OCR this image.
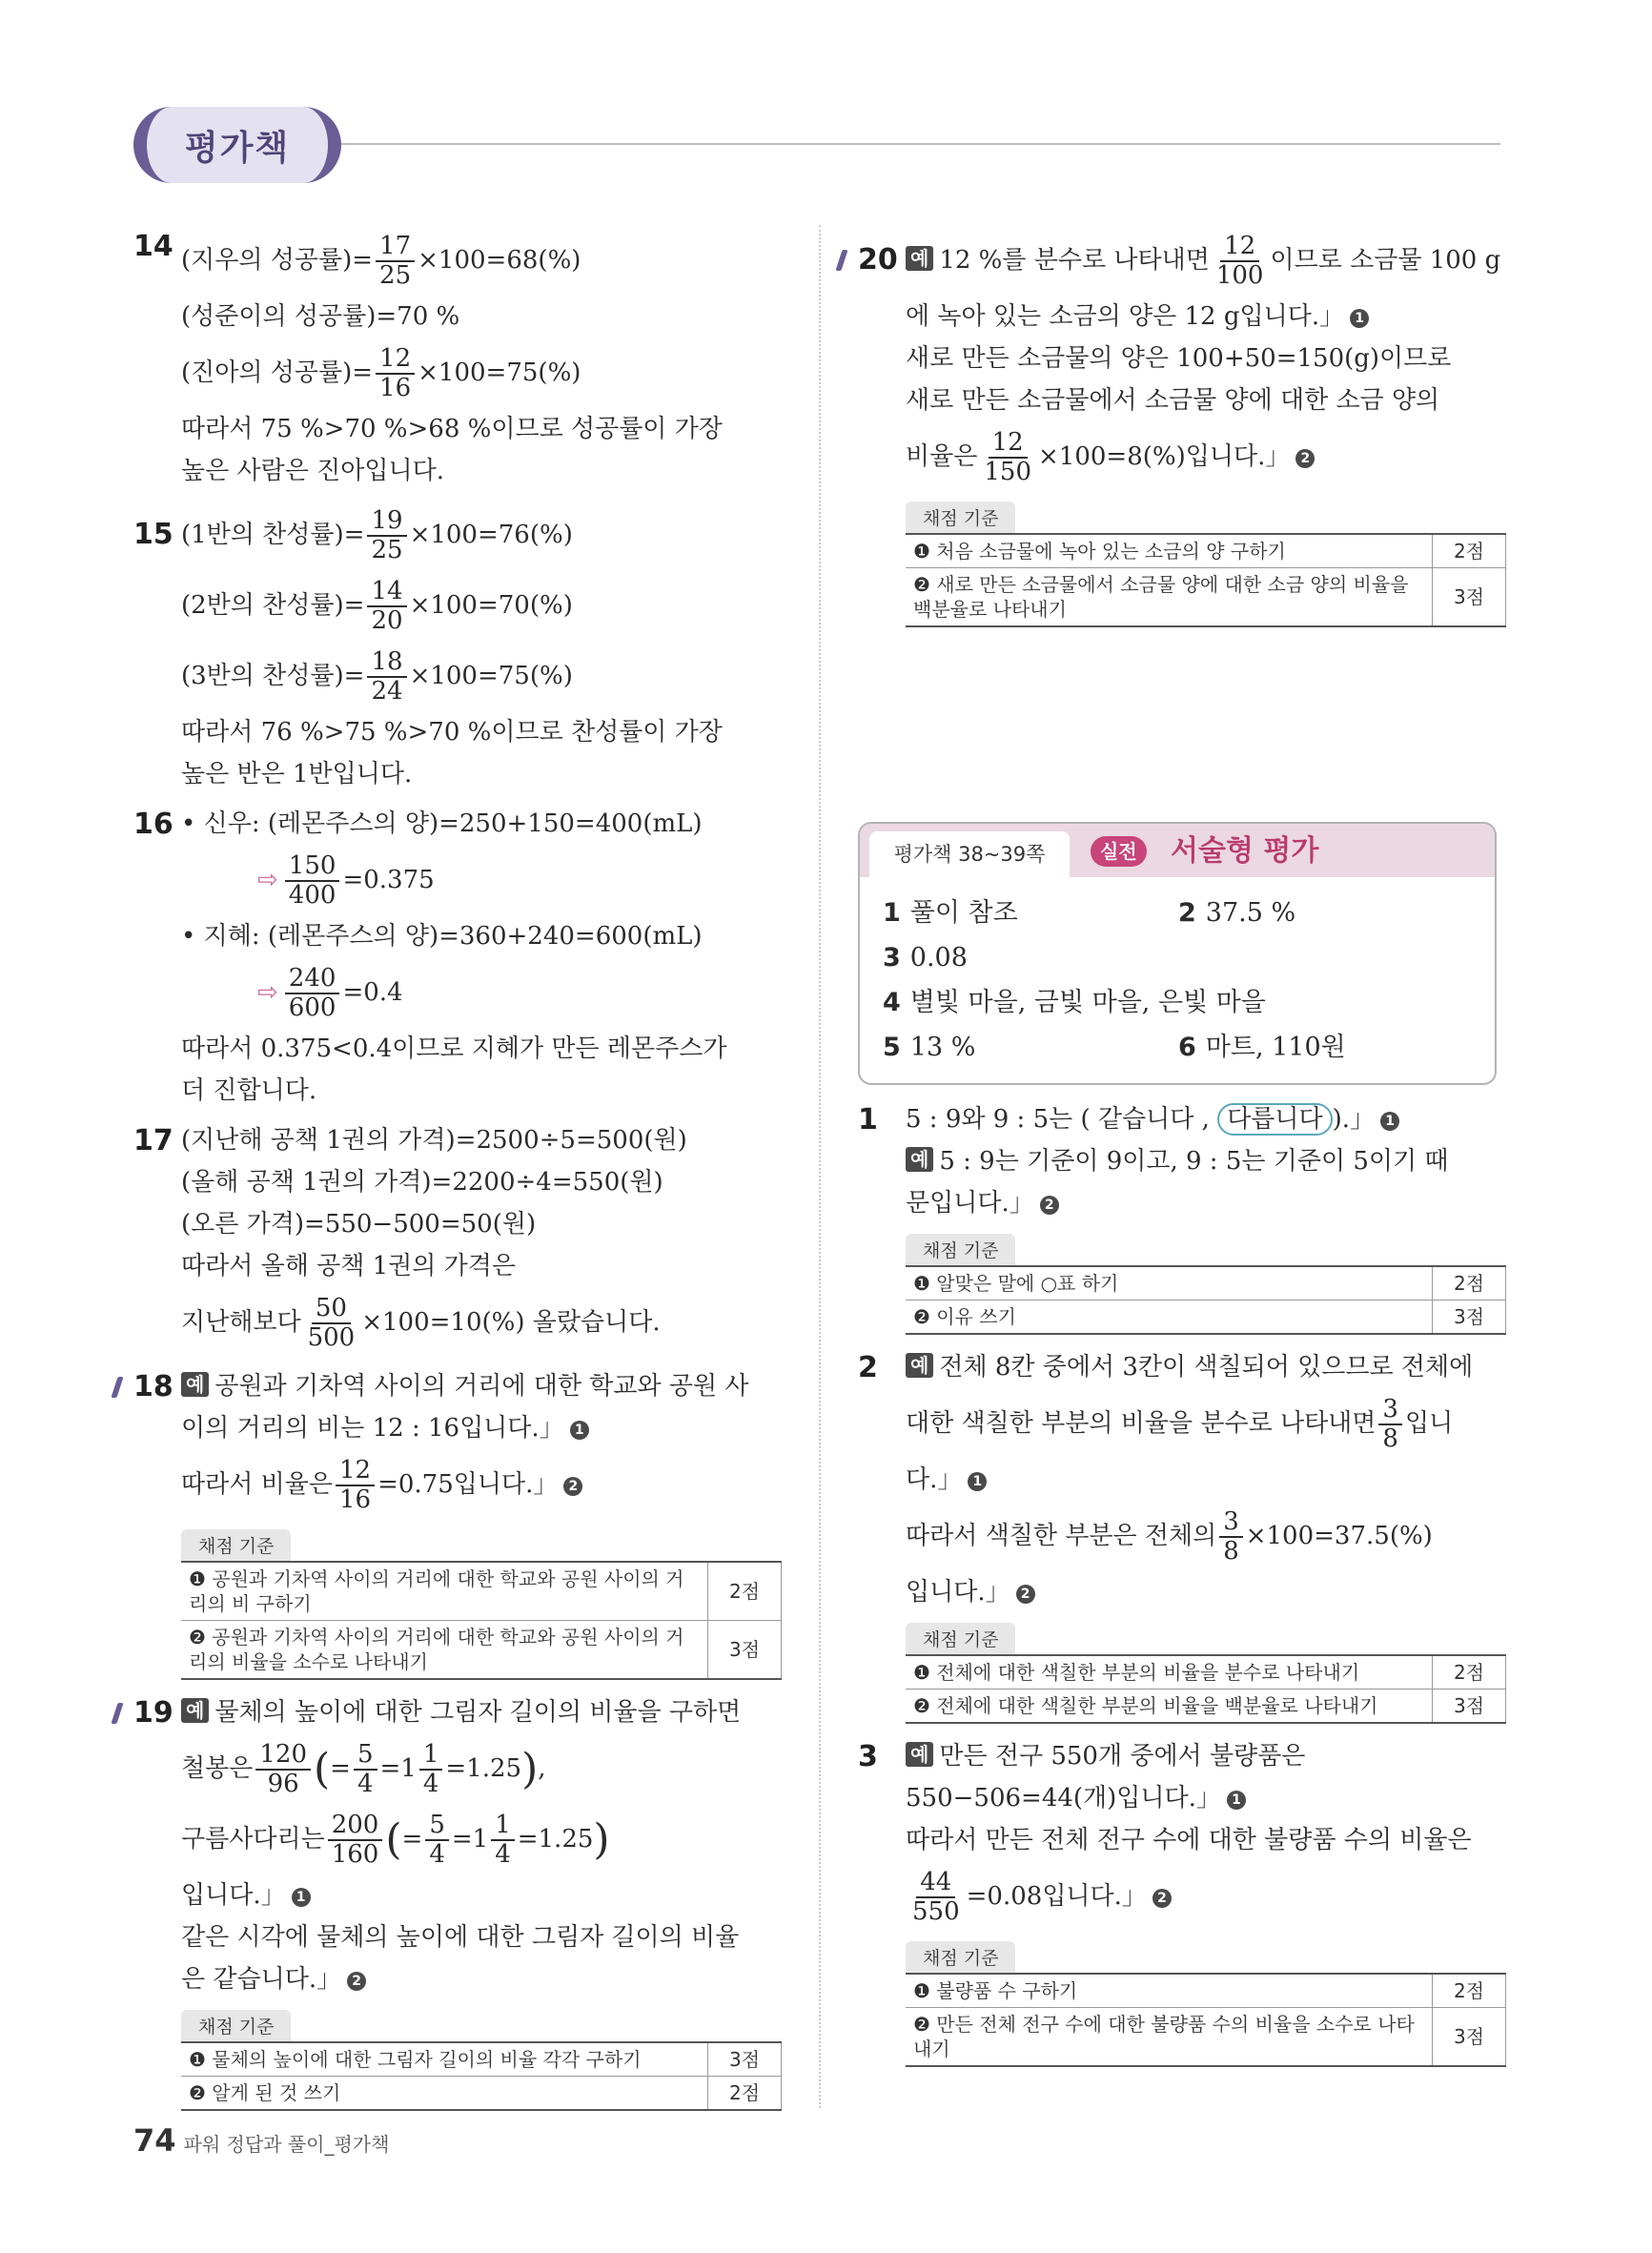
평가책
14 (지우의 성공률)= $\frac{17}{25} \times 100=68(\%)$
(성준이의 성공률)=70 %
(진아의 성공률)= $\frac{12}{16} \times 100=75(\%)$
따라서 75 %>70 %>68 %이므로 성공률이 가장
높은 사람은 진아입니다.
15 (1반의 찬성률)= $\frac{19}{25} \times 100=76(\%)$
(2반의 찬성률)= $\frac{14}{20} \times 100=70(\%)$
(3반의 찬성률)= $\frac{18}{24} \times 100=75(\%)$
따라서 76 %>75 %>70 %이므로 찬성률이 가장
높은 반은 1반입니다.
16 • 신우: (레몬주스의 양)=250+150=400(mL)
⇨ $\frac{150}{400} =0.375$
• 지혜: (레몬주스의 양)=360+240=600(mL)
⇨ $\frac{240}{600} =0.4$
따라서 0.375<0.4이므로 지혜가 만든 레몬주스가
더 진합니다.
17 (지난해 공책 1권의 가격)=2500÷5=500(원)
(올해 공책 1권의 가격)=2200÷4=550(원)
(오른 가격)=550−500=50(원)
따라서 올해 공책 1권의 가격은
지난해보다 $\frac{50}{500} \times 100=10(\%)$ 올랐습니다.
18 예 공원과 기차역 사이의 거리에 대한 학교와 공원 사
이의 거리의 비는 12 : 16입니다.」 1
따라서 비율은 $\frac{12}{16} =0.75$입니다.」 2
채점 기준
❶ 공원과 기차역 사이의 거리에 대한 학교와 공원 사이의 거리의 비 구하기	2점
❷ 공원과 기차역 사이의 거리에 대한 학교와 공원 사이의 거리의 비율을 소수로 나타내기	3점
19 예 물체의 높이에 대한 그림자 길이의 비율을 구하면
철봉은 $\frac{120}{96}$ (= $\frac{5}{4} =1 \frac{1}{4} =1.25$),
구름사다리는 $\frac{200}{160}$ (= $\frac{5}{4} =1 \frac{1}{4} =1.25$)
입니다.」 1
같은 시각에 물체의 높이에 대한 그림자 길이의 비율
은 같습니다.」 2
채점 기준
❶ 물체의 높이에 대한 그림자 길이의 비율 각각 구하기	3점
❷ 알게 된 것 쓰기	2점
20 예 12 %를 분수로 나타내면 $\frac{12}{100}$ 이므로 소금물 100 g
에 녹아 있는 소금의 양은 12 g입니다.」 1
새로 만든 소금물의 양은 100+50=150(g)이므로
새로 만든 소금물에서 소금물 양에 대한 소금 양의
비율은 $\frac{12}{150} \times 100=8(\%)$입니다.」 2
채점 기준
❶ 처음 소금물에 녹아 있는 소금의 양 구하기	2점
❷ 새로 만든 소금물에서 소금물 양에 대한 소금 양의 비율을 백분율로 나타내기	3점
평가책 38~39쪽	실전	서술형 평가
1 풀이 참조	2 37.5 %
3 0.08
4 별빛 마을, 금빛 마을, 은빛 마을
5 13 %	6 마트, 110원
1 5 : 9와 9 : 5는 ( 같습니다 , 다릅니다 ).」 1
예 5 : 9는 기준이 9이고, 9 : 5는 기준이 5이기 때
문입니다.」 2
채점 기준
❶ 알맞은 말에 ○표 하기	2점
❷ 이유 쓰기	3점
2 예 전체 8칸 중에서 3칸이 색칠되어 있으므로 전체에
대한 색칠한 부분의 비율을 분수로 나타내면 $\frac{3}{8}$ 입니
다.」 1
따라서 색칠한 부분은 전체의 $\frac{3}{8} \times 100=37.5(\%)$
입니다.」 2
채점 기준
❶ 전체에 대한 색칠한 부분의 비율을 분수로 나타내기	2점
❷ 전체에 대한 색칠한 부분의 비율을 백분율로 나타내기	3점
3 예 만든 전구 550개 중에서 불량품은
550−506=44(개)입니다.」 1
따라서 만든 전체 전구 수에 대한 불량품 수의 비율은
$\frac{44}{550} =0.08$입니다.」 2
채점 기준
❶ 불량품 수 구하기	2점
❷ 만든 전체 전구 수에 대한 불량품 수의 비율을 소수로 나타내기	3점
74 파워 정답과 풀이_평가책
